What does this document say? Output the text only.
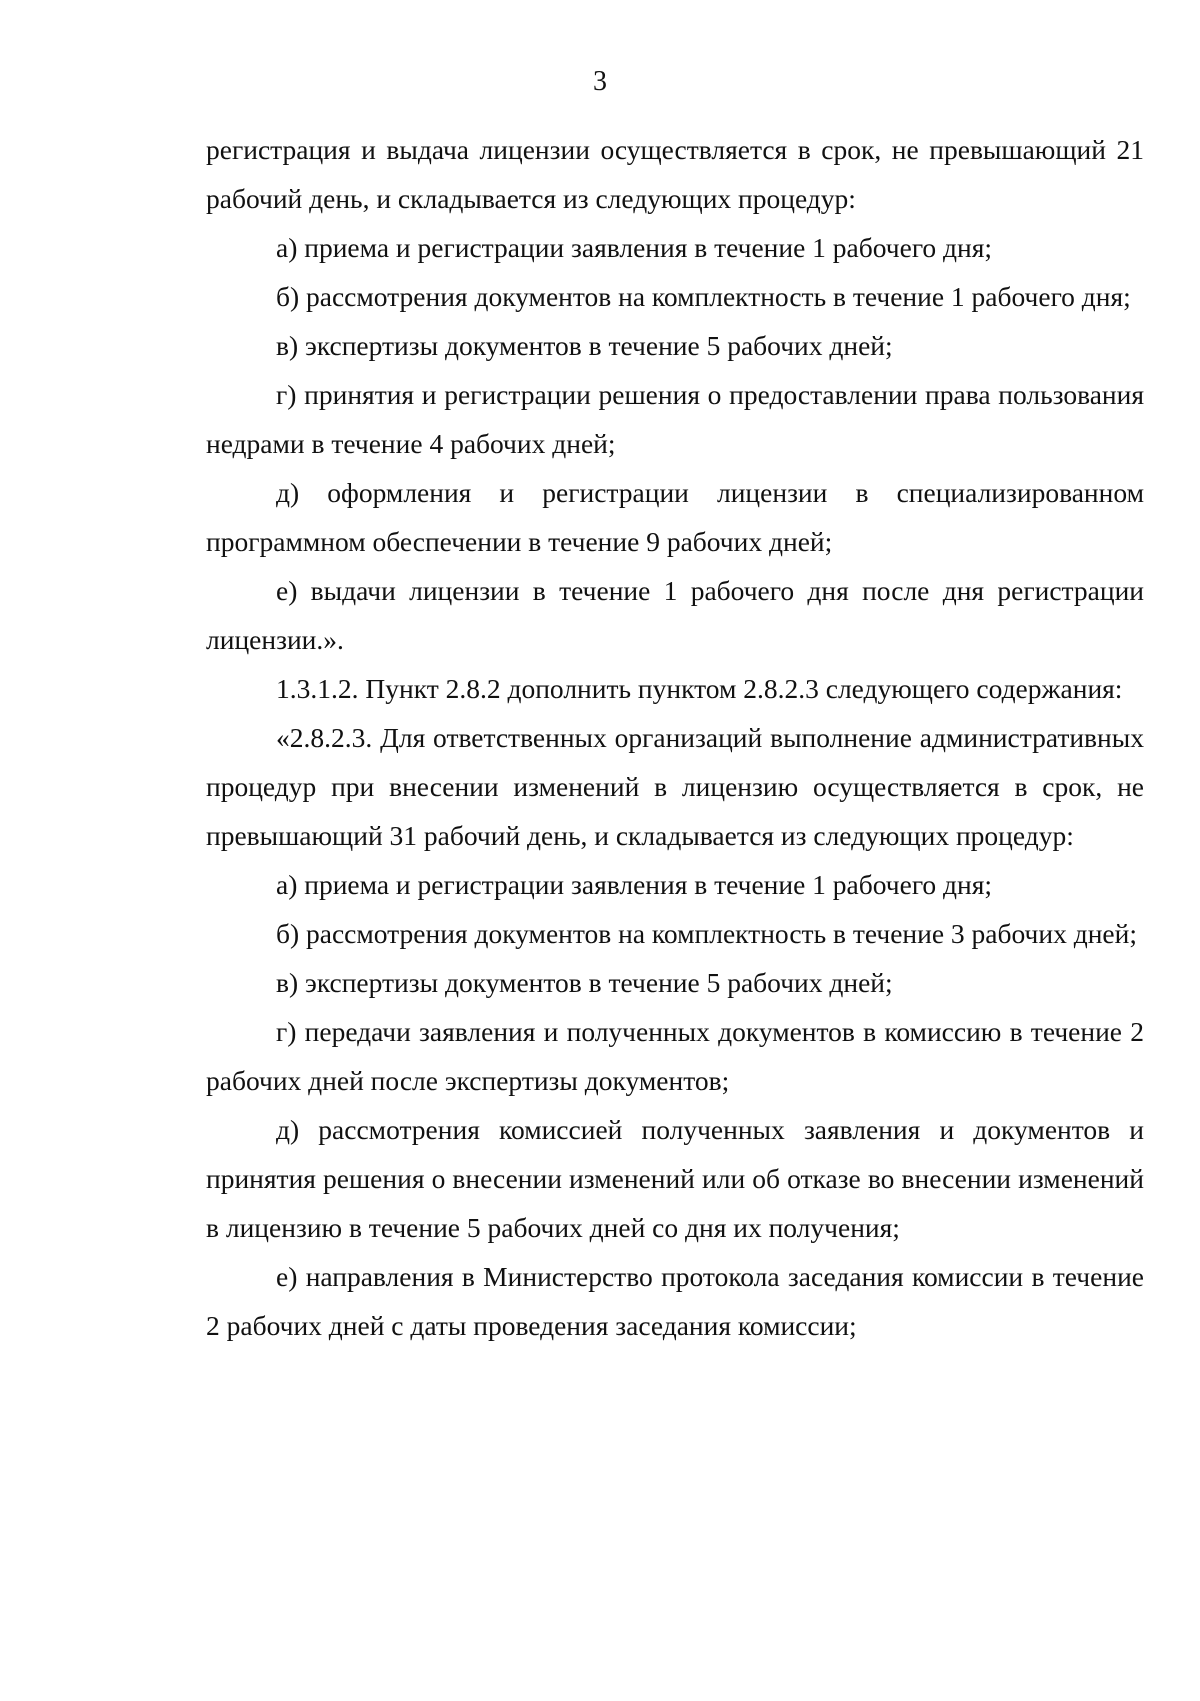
3

регистрация и выдача лицензии осуществляется в срок, не превышающий 21 рабочий день, и складывается из следующих процедур:

а) приема и регистрации заявления в течение 1 рабочего дня;

б) рассмотрения документов на комплектность в течение 1 рабочего дня;

в) экспертизы документов в течение 5 рабочих дней;

г) принятия и регистрации решения о предоставлении права пользования недрами в течение 4 рабочих дней;

д) оформления и регистрации лицензии в специализированном программном обеспечении в течение 9 рабочих дней;

е) выдачи лицензии в течение 1 рабочего дня после дня регистрации лицензии.».

1.3.1.2. Пункт 2.8.2 дополнить пунктом 2.8.2.3 следующего содержания:

«2.8.2.3. Для ответственных организаций выполнение административных процедур при внесении изменений в лицензию осуществляется в срок, не превышающий 31 рабочий день, и складывается из следующих процедур:

а) приема и регистрации заявления в течение 1 рабочего дня;

б) рассмотрения документов на комплектность в течение 3 рабочих дней;

в) экспертизы документов в течение 5 рабочих дней;

г) передачи заявления и полученных документов в комиссию в течение 2 рабочих дней после экспертизы документов;

д) рассмотрения комиссией полученных заявления и документов и принятия решения о внесении изменений или об отказе во внесении изменений в лицензию в течение 5 рабочих дней со дня их получения;

е) направления в Министерство протокола заседания комиссии в течение 2 рабочих дней с даты проведения заседания комиссии;
